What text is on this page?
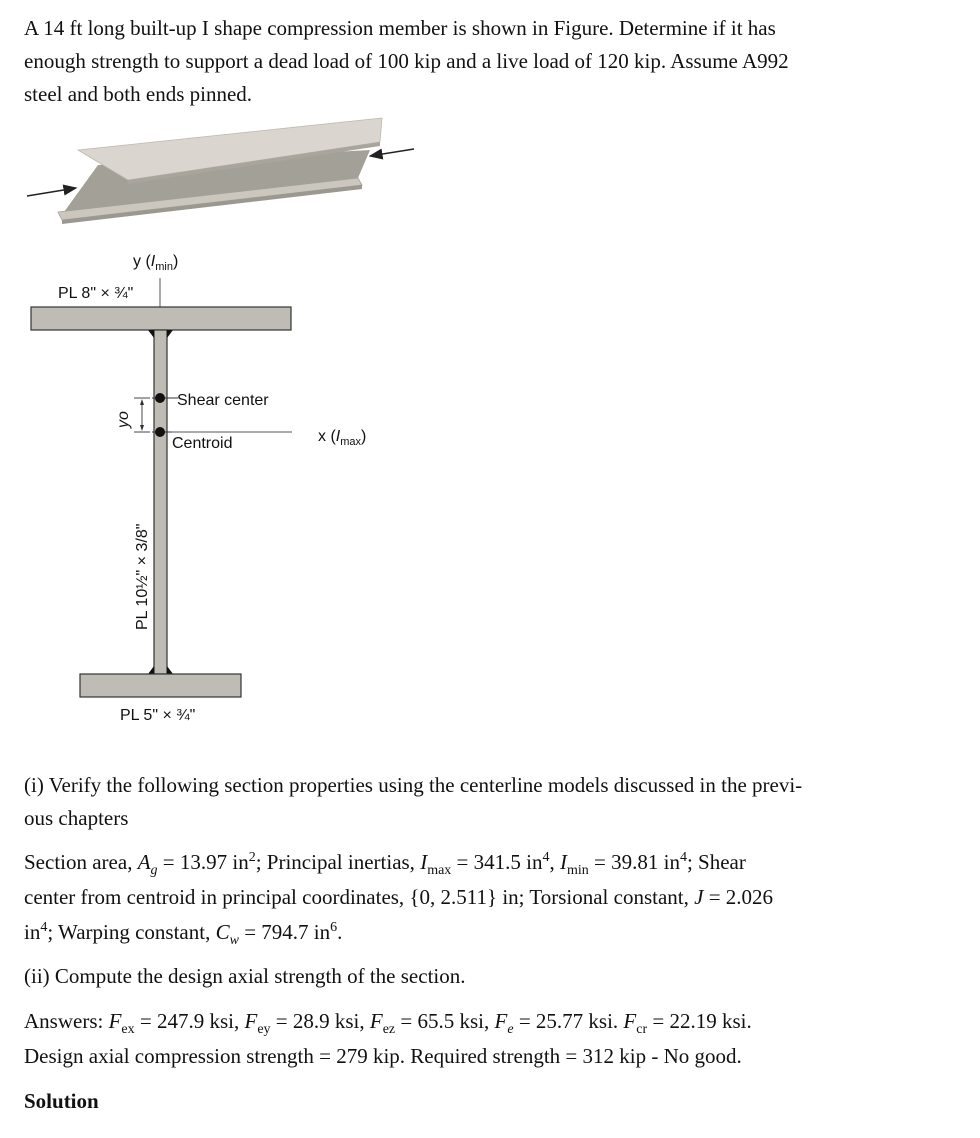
A 14 ft long built-up I shape compression member is shown in Figure. Determine if it has
enough strength to support a dead load of 100 kip and a live load of 120 kip. Assume A992
steel and both ends pinned.
y $(I_{min})$
PL 8" × ¾"
PL 5" × ¾"
PL 10½" × 3/8"
x $(I_{max})$
Shear center
Centroid
yo
(i) Verify the following section properties using the centerline models discussed in the previ-
ous chapters
Section area, $A_g = 13.97$ $in^2$; Principal inertias, $I_{max} = 341.5$ $in^4$, $I_{min} = 39.81$ $in^4$; Shear
center from centroid in principal coordinates, {0, 2.511} in; Torsional constant, J = 2.026
$in^4$; Warping constant, $C_w = 794.7$ $in^6$.
(ii) Compute the design axial strength of the section.
Answers: $F_{ex} = 247.9$ ksi, $F_{ey} = 28.9$ ksi, $F_{ez} = 65.5$ ksi, $F_e = 25.77$ ksi. $F_{cr} = 22.19$ ksi.
Design axial compression strength = 279 kip. Required strength = 312 kip - No good.
Solution
